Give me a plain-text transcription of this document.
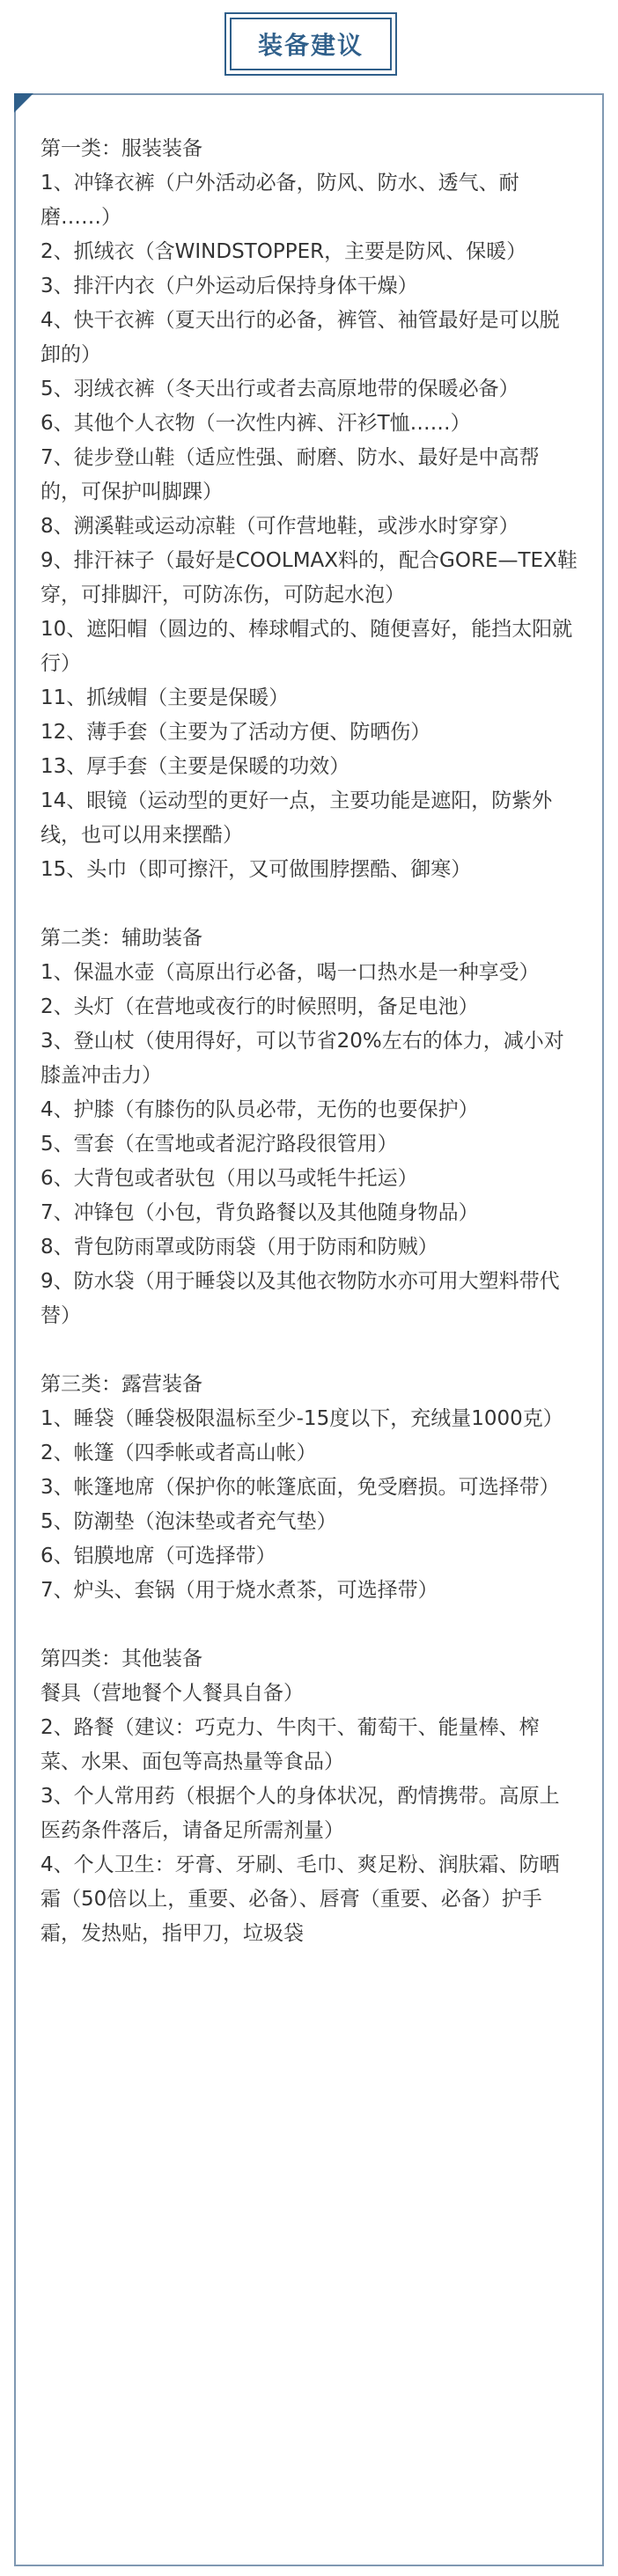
装备建议

第一类：服装装备

1、冲锋衣裤（户外活动必备，防风、防水、透气、耐磨……）

2、抓绒衣（含WINDSTOPPER，主要是防风、保暖）

3、排汗内衣（户外运动后保持身体干燥）

4、快干衣裤（夏天出行的必备，裤管、袖管最好是可以脱卸的）

5、羽绒衣裤（冬天出行或者去高原地带的保暖必备）

6、其他个人衣物（一次性内裤、汗衫T恤……）

7、徒步登山鞋（适应性强、耐磨、防水、最好是中高帮的，可保护叫脚踝）

8、溯溪鞋或运动凉鞋（可作营地鞋，或涉水时穿穿）

9、排汗袜子（最好是COOLMAX料的，配合GORE—TEX鞋穿，可排脚汗，可防冻伤，可防起水泡）

10、遮阳帽（圆边的、棒球帽式的、随便喜好，能挡太阳就行）

11、抓绒帽（主要是保暖）

12、薄手套（主要为了活动方便、防晒伤）

13、厚手套（主要是保暖的功效）

14、眼镜（运动型的更好一点，主要功能是遮阳，防紫外线，也可以用来摆酷）

15、头巾（即可擦汗，又可做围脖摆酷、御寒）

第二类：辅助装备

1、保温水壶（高原出行必备，喝一口热水是一种享受）

2、头灯（在营地或夜行的时候照明，备足电池）

3、登山杖（使用得好，可以节省20%左右的体力，减小对膝盖冲击力）

4、护膝（有膝伤的队员必带，无伤的也要保护）

5、雪套（在雪地或者泥泞路段很管用）

6、大背包或者驮包（用以马或牦牛托运）

7、冲锋包（小包，背负路餐以及其他随身物品）

8、背包防雨罩或防雨袋（用于防雨和防贼）

9、防水袋（用于睡袋以及其他衣物防水亦可用大塑料带代替）

第三类：露营装备

1、睡袋（睡袋极限温标至少-15度以下，充绒量1000克）

2、帐篷（四季帐或者高山帐）

3、帐篷地席（保护你的帐篷底面，免受磨损。可选择带）

5、防潮垫（泡沫垫或者充气垫）

6、铝膜地席（可选择带）

7、炉头、套锅（用于烧水煮茶，可选择带）

第四类：其他装备

餐具（营地餐个人餐具自备）

2、路餐（建议：巧克力、牛肉干、葡萄干、能量棒、榨菜、水果、面包等高热量等食品）

3、个人常用药（根据个人的身体状况，酌情携带。高原上医药条件落后，请备足所需剂量）

4、个人卫生：牙膏、牙刷、毛巾、爽足粉、润肤霜、防晒霜（50倍以上，重要、必备）、唇膏（重要、必备）护手霜，发热贴，指甲刀，垃圾袋
